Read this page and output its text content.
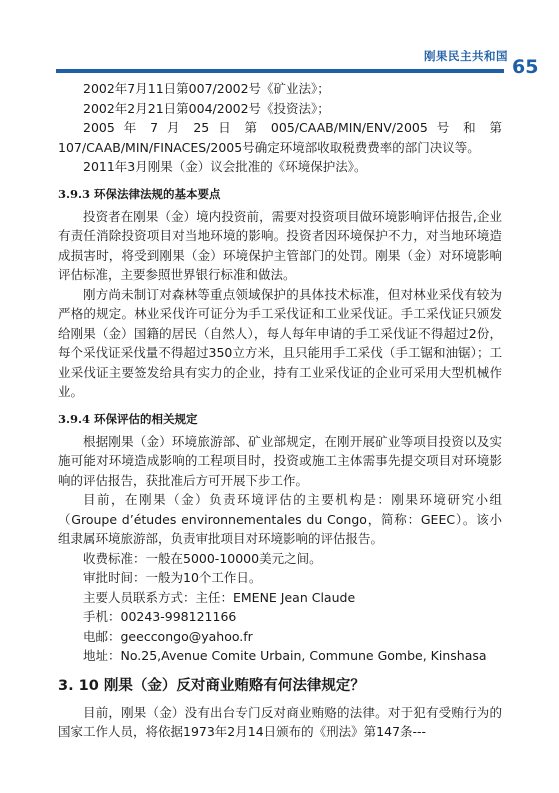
刚果民主共和国 65

2002年7月11日第007/2002号《矿业法》；

2002年2月21日第004/2002号《投资法》；

2005 年 7 月 25 日 第 005/CAAB/MIN/ENV/2005 号 和 第 107/CAAB/MIN/FINACES/2005号确定环境部收取税费费率的部门决议等。

2011年3月刚果（金）议会批准的《环境保护法》。

3.9.3 环保法律法规的基本要点

投资者在刚果（金）境内投资前，需要对投资项目做环境影响评估报告,企业有责任消除投资项目对当地环境的影响。投资者因环境保护不力，对当地环境造成损害时，将受到刚果（金）环境保护主管部门的处罚。刚果（金）对环境影响评估标准，主要参照世界银行标准和做法。

刚方尚未制订对森林等重点领域保护的具体技术标准，但对林业采伐有较为严格的规定。林业采伐许可证分为手工采伐证和工业采伐证。手工采伐证只颁发给刚果（金）国籍的居民（自然人），每人每年申请的手工采伐证不得超过2份，每个采伐证采伐量不得超过350立方米，且只能用手工采伐（手工锯和油锯）；工业采伐证主要签发给具有实力的企业，持有工业采伐证的企业可采用大型机械作业。

3.9.4 环保评估的相关规定

根据刚果（金）环境旅游部、矿业部规定，在刚开展矿业等项目投资以及实施可能对环境造成影响的工程项目时，投资或施工主体需事先提交项目对环境影响的评估报告，获批准后方可开展下步工作。

目前，在刚果（金）负责环境评估的主要机构是：刚果环境研究小组（Groupe d’études environnementales du Congo，简称：GEEC）。该小组隶属环境旅游部，负责审批项目对环境影响的评估报告。

收费标准：一般在5000-10000美元之间。

审批时间：一般为10个工作日。

主要人员联系方式：主任：EMENE Jean Claude

手机：00243-998121166

电邮：geeccongo@yahoo.fr

地址：No.25,Avenue Comite Urbain, Commune Gombe, Kinshasa

3. 10 刚果（金）反对商业贿赂有何法律规定？

目前，刚果（金）没有出台专门反对商业贿赂的法律。对于犯有受贿行为的国家工作人员，将依据1973年2月14日颁布的《刑法》第147条---
